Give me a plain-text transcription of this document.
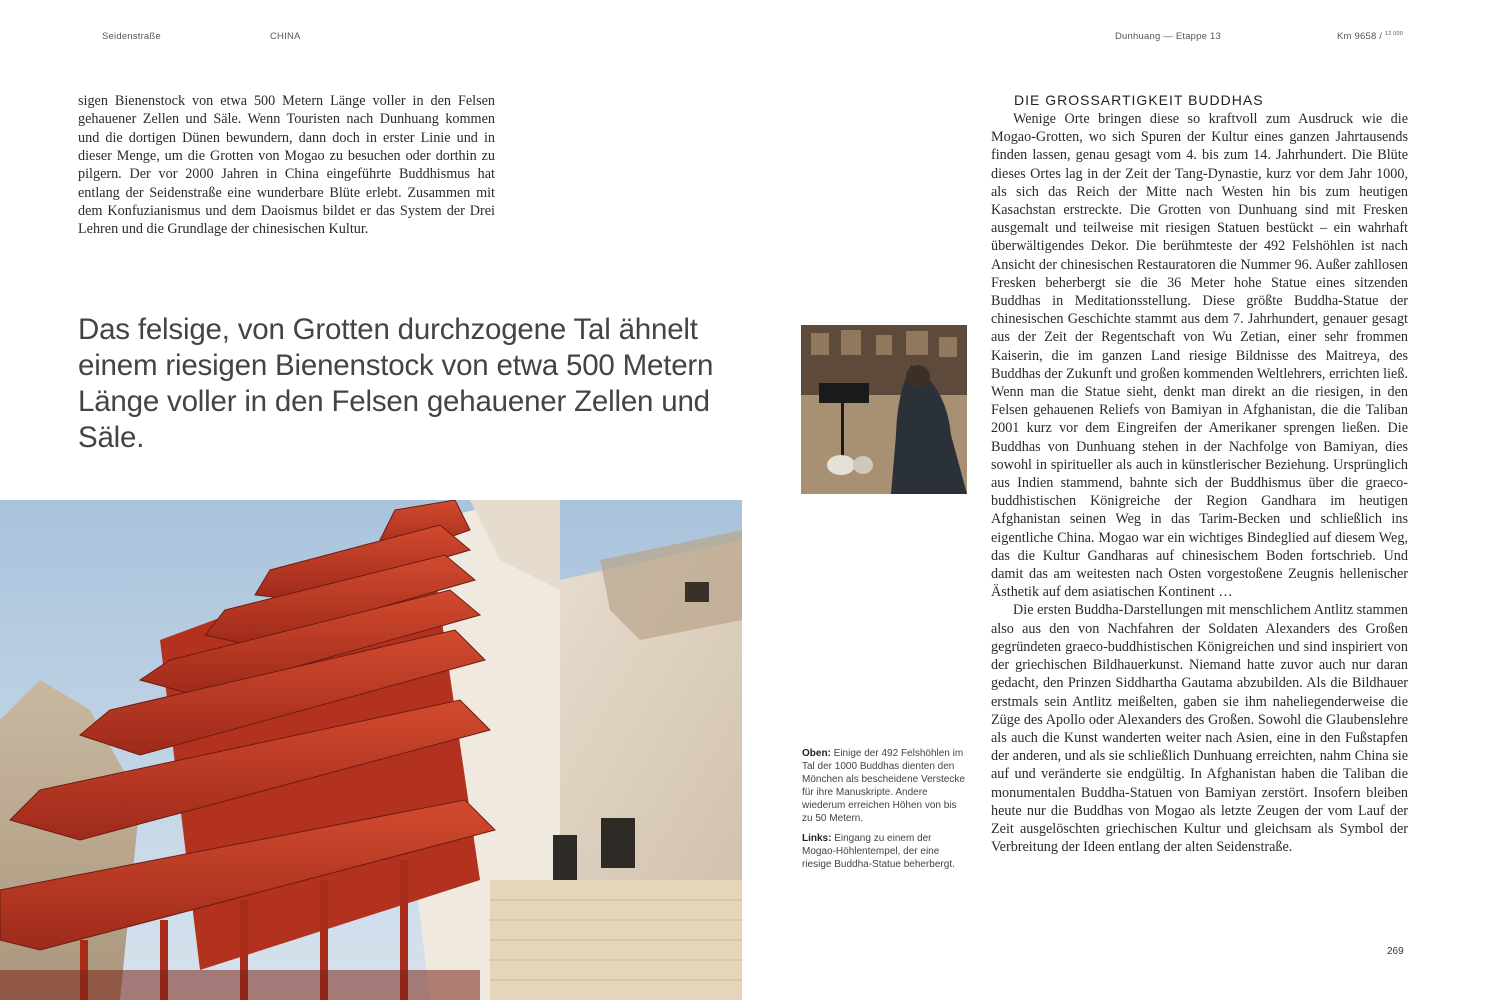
Seidenstraße	CHINA	Dunhuang — Etappe 13	Km 9658 / $^{12 000}$
sigen Bienenstock von etwa 500 Metern Länge voller in den Felsen gehauener Zellen und Säle. Wenn Touristen nach Dunhuang kommen und die dortigen Dünen bewundern, dann doch in erster Linie und in dieser Menge, um die Grotten von Mogao zu besuchen oder dorthin zu pilgern. Der vor 2000 Jahren in China eingeführte Buddhismus hat entlang der Seidenstraße eine wunderbare Blüte erlebt. Zusammen mit dem Konfuzianismus und dem Daoismus bildet er das System der Drei Lehren und die Grundlage der chinesischen Kultur.

Das felsige, von Grotten durchzogene Tal ähnelt einem riesigen Bienenstock von etwa 500 Metern Länge voller in den Felsen gehauener Zellen und Säle.

Oben: Einige der 492 Felshöhlen im Tal der 1000 Buddhas dienten den Mönchen als bescheidene Verstecke für ihre Manuskripte. Andere wiederum erreichen Höhen von bis zu 50 Metern.

Links: Eingang zu einem der Mogao-Höhlentempel, der eine riesige Buddha-Statue beherbergt.

DIE GROSSARTIGKEIT BUDDHAS

Wenige Orte bringen diese so kraftvoll zum Ausdruck wie die Mogao-Grotten, wo sich Spuren der Kultur eines ganzen Jahrtausends finden lassen, genau gesagt vom 4. bis zum 14. Jahrhundert. Die Blüte dieses Ortes lag in der Zeit der Tang-Dynastie, kurz vor dem Jahr 1000, als sich das Reich der Mitte nach Westen hin bis zum heutigen Kasachstan erstreckte. Die Grotten von Dunhuang sind mit Fresken ausgemalt und teilweise mit riesigen Statuen bestückt – ein wahrhaft überwältigendes Dekor. Die berühmteste der 492 Felshöhlen ist nach Ansicht der chinesischen Restauratoren die Nummer 96. Außer zahllosen Fresken beherbergt sie die 36 Meter hohe Statue eines sitzenden Buddhas in Meditationsstellung. Diese größte Buddha-Statue der chinesischen Geschichte stammt aus dem 7. Jahrhundert, genauer gesagt aus der Zeit der Regentschaft von Wu Zetian, einer sehr frommen Kaiserin, die im ganzen Land riesige Bildnisse des Maitreya, des Buddhas der Zukunft und großen kommenden Weltlehrers, errichten ließ. Wenn man die Statue sieht, denkt man direkt an die riesigen, in den Felsen gehauenen Reliefs von Bamiyan in Afghanistan, die die Taliban 2001 kurz vor dem Eingreifen der Amerikaner sprengen ließen. Die Buddhas von Dunhuang stehen in der Nachfolge von Bamiyan, dies sowohl in spiritueller als auch in künstlerischer Beziehung. Ursprünglich aus Indien stammend, bahnte sich der Buddhismus über die graeco-buddhistischen Königreiche der Region Gandhara im heutigen Afghanistan seinen Weg in das Tarim-Becken und schließlich ins eigentliche China. Mogao war ein wichtiges Bindeglied auf diesem Weg, das die Kultur Gandharas auf chinesischem Boden fortschrieb. Und damit das am weitesten nach Osten vorgestoßene Zeugnis hellenischer Ästhetik auf dem asiatischen Kontinent …

Die ersten Buddha-Darstellungen mit menschlichem Antlitz stammen also aus den von Nachfahren der Soldaten Alexanders des Großen gegründeten graeco-buddhistischen Königreichen und sind inspiriert von der griechischen Bildhauerkunst. Niemand hatte zuvor auch nur daran gedacht, den Prinzen Siddhartha Gautama abzubilden. Als die Bildhauer erstmals sein Antlitz meißelten, gaben sie ihm naheliegenderweise die Züge des Apollo oder Alexanders des Großen. Sowohl die Glaubenslehre als auch die Kunst wanderten weiter nach Asien, eine in den Fußstapfen der anderen, und als sie schließlich Dunhuang erreichten, nahm China sie auf und veränderte sie endgültig. In Afghanistan haben die Taliban die monumentalen Buddha-Statuen von Bamiyan zerstört. Insofern bleiben heute nur die Buddhas von Mogao als letzte Zeugen der vom Lauf der Zeit ausgelöschten griechischen Kultur und gleichsam als Symbol der Verbreitung der Ideen entlang der alten Seidenstraße.

269
